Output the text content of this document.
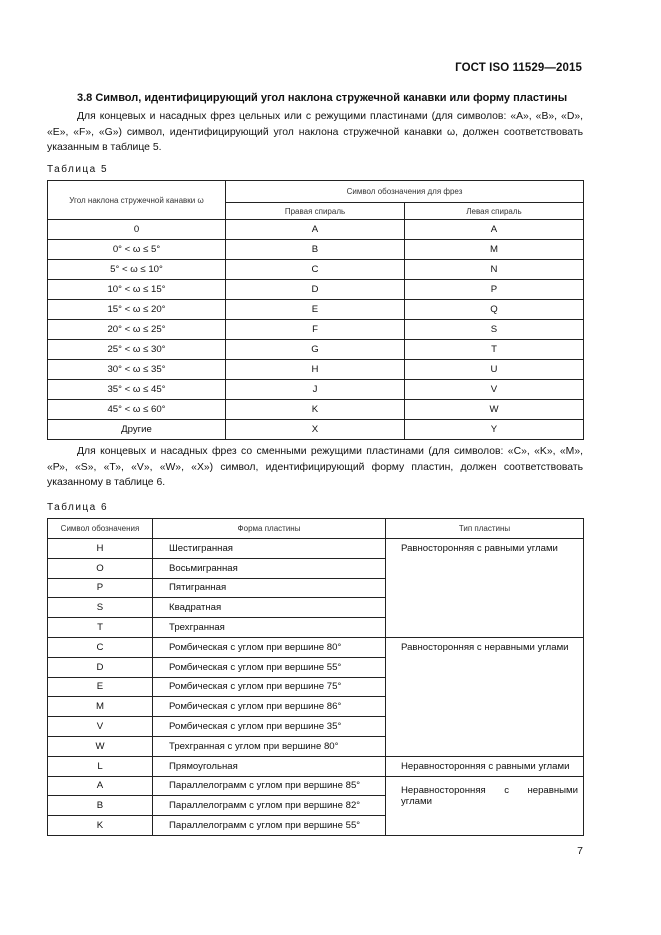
ГОСТ ISO 11529—2015
3.8 Символ, идентифицирующий угол наклона стружечной канавки или форму пластины
Для концевых и насадных фрез цельных или с режущими пластинами (для символов: «А», «В», «D», «Е», «F», «G») символ, идентифицирующий угол наклона стружечной канавки ω, должен соответствовать указанным в таблице 5.
Таблица 5
Угол наклона стружечной канавки ω	Символ обозначения для фрез	
	Правая спираль	Левая спираль
0	A	A
0° < ω ≤ 5°	B	M
5° < ω ≤ 10°	C	N
10° < ω ≤ 15°	D	P
15° < ω ≤ 20°	E	Q
20° < ω ≤ 25°	F	S
25° < ω ≤ 30°	G	T
30° < ω ≤ 35°	H	U
35° < ω ≤ 45°	J	V
45° < ω ≤ 60°	K	W
Другие	X	Y
Для концевых и насадных фрез со сменными режущими пластинами (для символов: «С», «K», «М», «Р», «S», «Т», «V», «W», «X») символ, идентифицирующий форму пластин, должен соответствовать указанному в таблице 6.
Таблица 6
Символ обозначения	Форма пластины	Тип пластины
H	Шестигранная	Равносторонняя с равными углами
O	Восьмигранная	
P	Пятигранная	
S	Квадратная	
T	Трехгранная	
C	Ромбическая с углом при вершине 80°	Равносторонняя с неравными углами
D	Ромбическая с углом при вершине 55°	
E	Ромбическая с углом при вершине 75°	
M	Ромбическая с углом при вершине 86°	
V	Ромбическая с углом при вершине 35°	
W	Трехгранная с углом при вершине 80°	
L	Прямоугольная	Неравносторонняя с равными углами
A	Параллелограмм с углом при вершине 85°	Неравносторонняя с неравными углами
B	Параллелограмм с углом при вершине 82°	
K	Параллелограмм с углом при вершине 55°	
7
